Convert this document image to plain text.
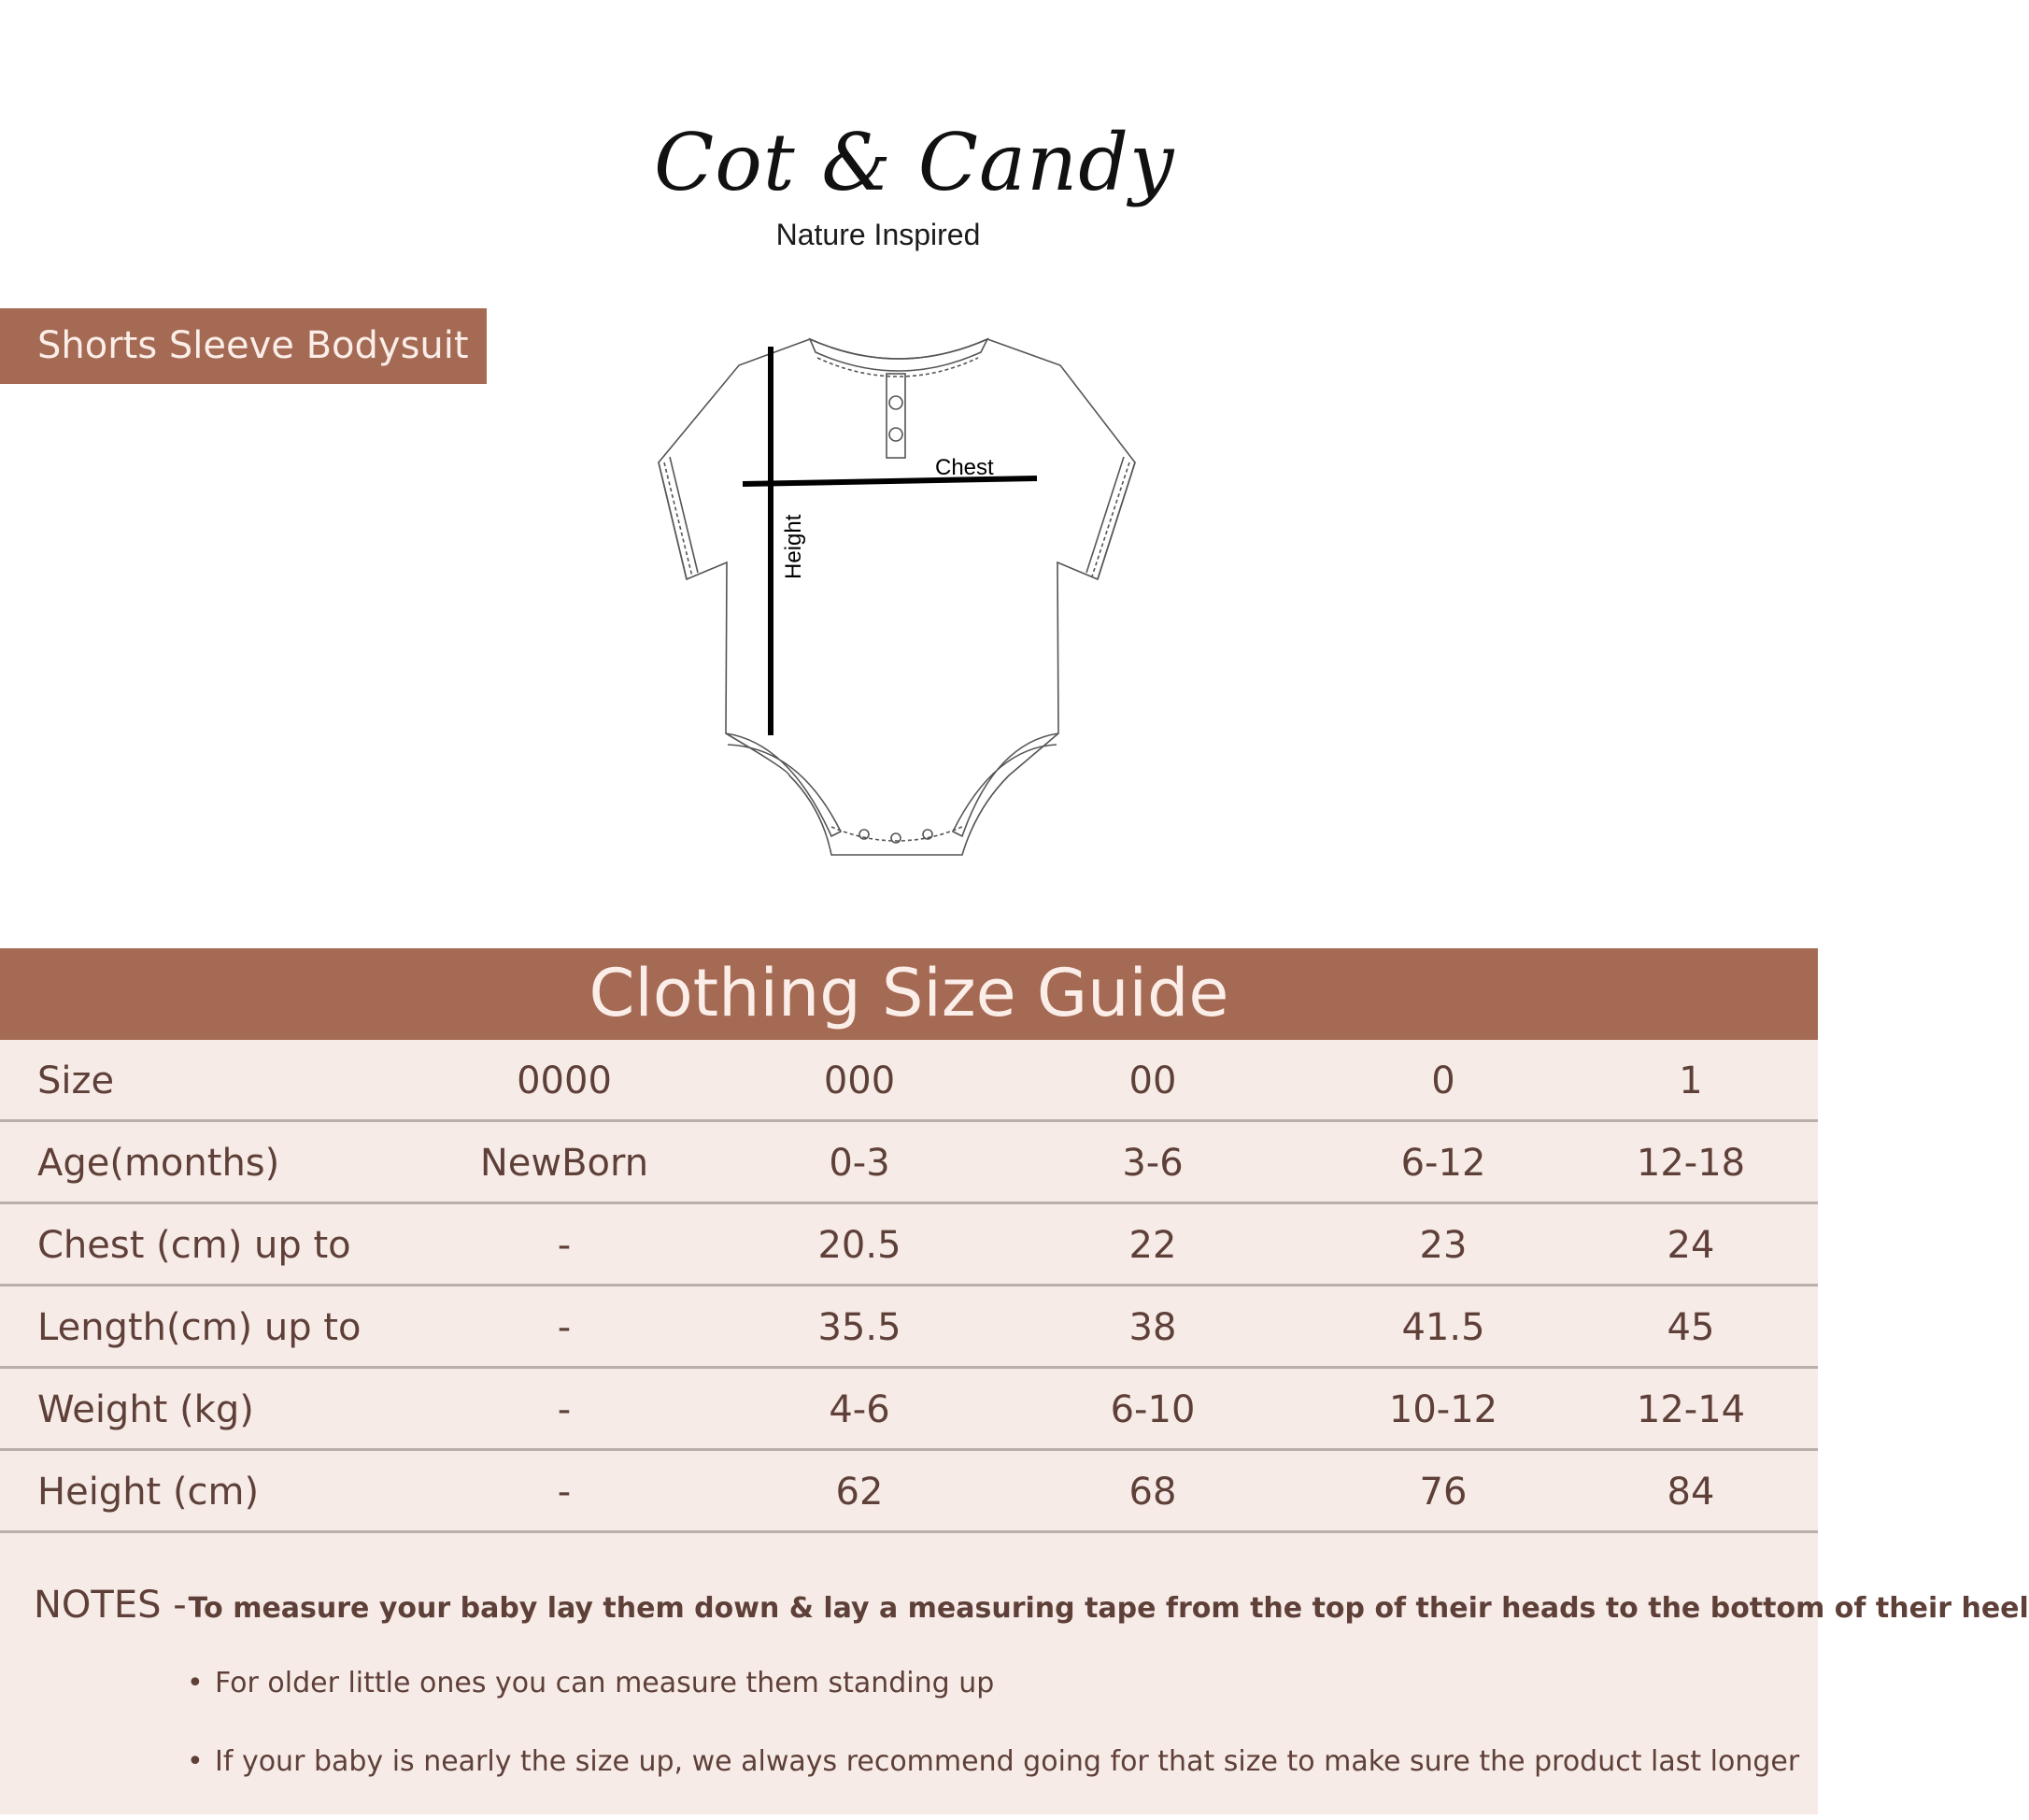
Cot & Candy
Nature Inspired
Shorts Sleeve Bodysuit
Chest
Height
Clothing Size Guide
Size	0000	000	00	0	1
Age(months)	NewBorn	0-3	3-6	6-12	12-18
Chest (cm) up to	-	20.5	22	23	24
Length(cm) up to	-	35.5	38	41.5	45
Weight (kg)	-	4-6	6-10	10-12	12-14
Height (cm)	-	62	68	76	84
NOTES -To measure your baby lay them down & lay a measuring tape from the top of their heads to the bottom of their heel
• For older little ones you can measure them standing up
• If your baby is nearly the size up, we always recommend going for that size to make sure the product last longer
